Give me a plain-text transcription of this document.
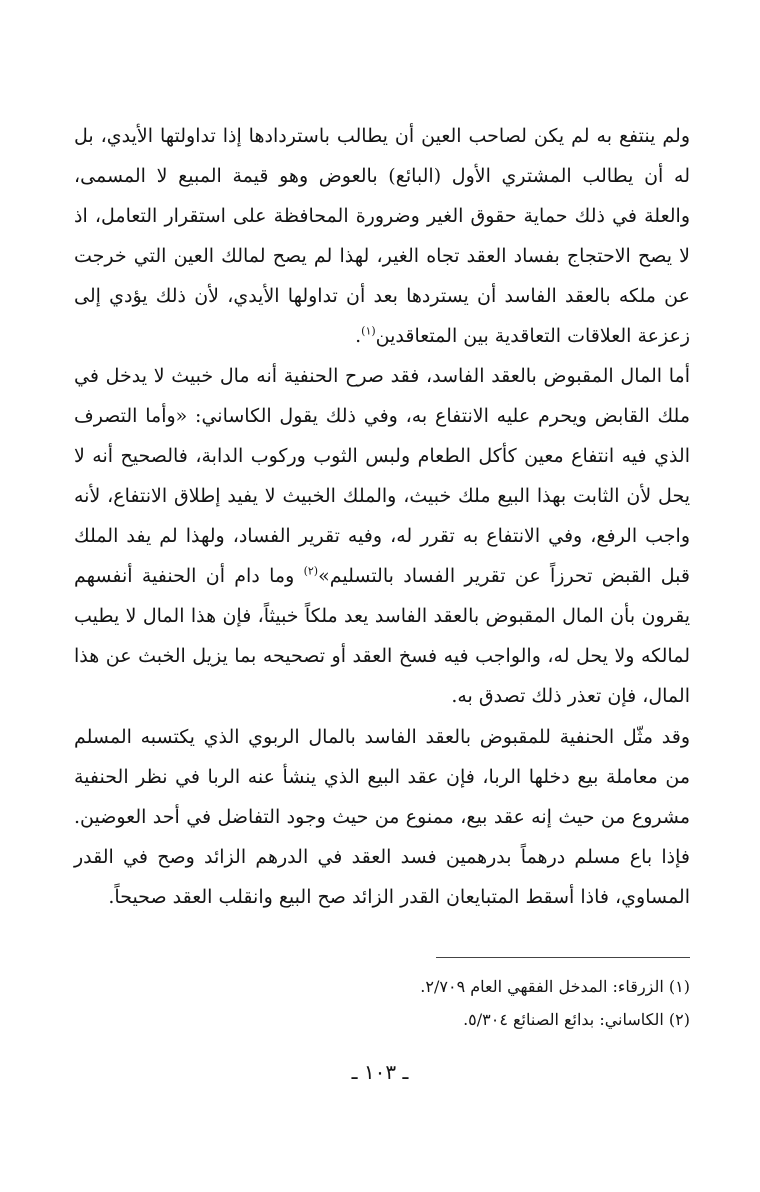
ولم ينتفع به لم يكن لصاحب العين أن يطالب باستردادها إذا تداولتها الأيدي، بل له أن يطالب المشتري الأول (البائع) بالعوض وهو قيمة المبيع لا المسمى، والعلة في ذلك حماية حقوق الغير وضرورة المحافظة على استقرار التعامل، اذ لا يصح الاحتجاج بفساد العقد تجاه الغير، لهذا لم يصح لمالك العين التي خرجت عن ملكه بالعقد الفاسد أن يستردها بعد أن تداولها الأيدي، لأن ذلك يؤدي إلى زعزعة العلاقات التعاقدية بين المتعاقدين$^{(١)}$.

أما المال المقبوض بالعقد الفاسد، فقد صرح الحنفية أنه مال خبيث لا يدخل في ملك القابض ويحرم عليه الانتفاع به، وفي ذلك يقول الكاساني: «وأما التصرف الذي فيه انتفاع معين كأكل الطعام ولبس الثوب وركوب الدابة، فالصحيح أنه لا يحل لأن الثابت بهذا البيع ملك خبيث، والملك الخبيث لا يفيد إطلاق الانتفاع، لأنه واجب الرفع، وفي الانتفاع به تقرر له، وفيه تقرير الفساد، ولهذا لم يفد الملك قبل القبض تحرزاً عن تقرير الفساد بالتسليم»$^{(٢)}$ وما دام أن الحنفية أنفسهم يقرون بأن المال المقبوض بالعقد الفاسد يعد ملكاً خبيثاً، فإن هذا المال لا يطيب لمالكه ولا يحل له، والواجب فيه فسخ العقد أو تصحيحه بما يزيل الخبث عن هذا المال، فإن تعذر ذلك تصدق به.

وقد مثّل الحنفية للمقبوض بالعقد الفاسد بالمال الربوي الذي يكتسبه المسلم من معاملة بيع دخلها الربا، فإن عقد البيع الذي ينشأ عنه الربا في نظر الحنفية مشروع من حيث إنه عقد بيع، ممنوع من حيث وجود التفاضل في أحد العوضين. فإذا باع مسلم درهماً بدرهمين فسد العقد في الدرهم الزائد وصح في القدر المساوي، فاذا أسقط المتبايعان القدر الزائد صح البيع وانقلب العقد صحيحاً.

(١) الزرقاء: المدخل الفقهي العام ٢/٧٠٩.

(٢) الكاساني: بدائع الصنائع ٥/٣٠٤.

ـ ١٠٣ ـ
